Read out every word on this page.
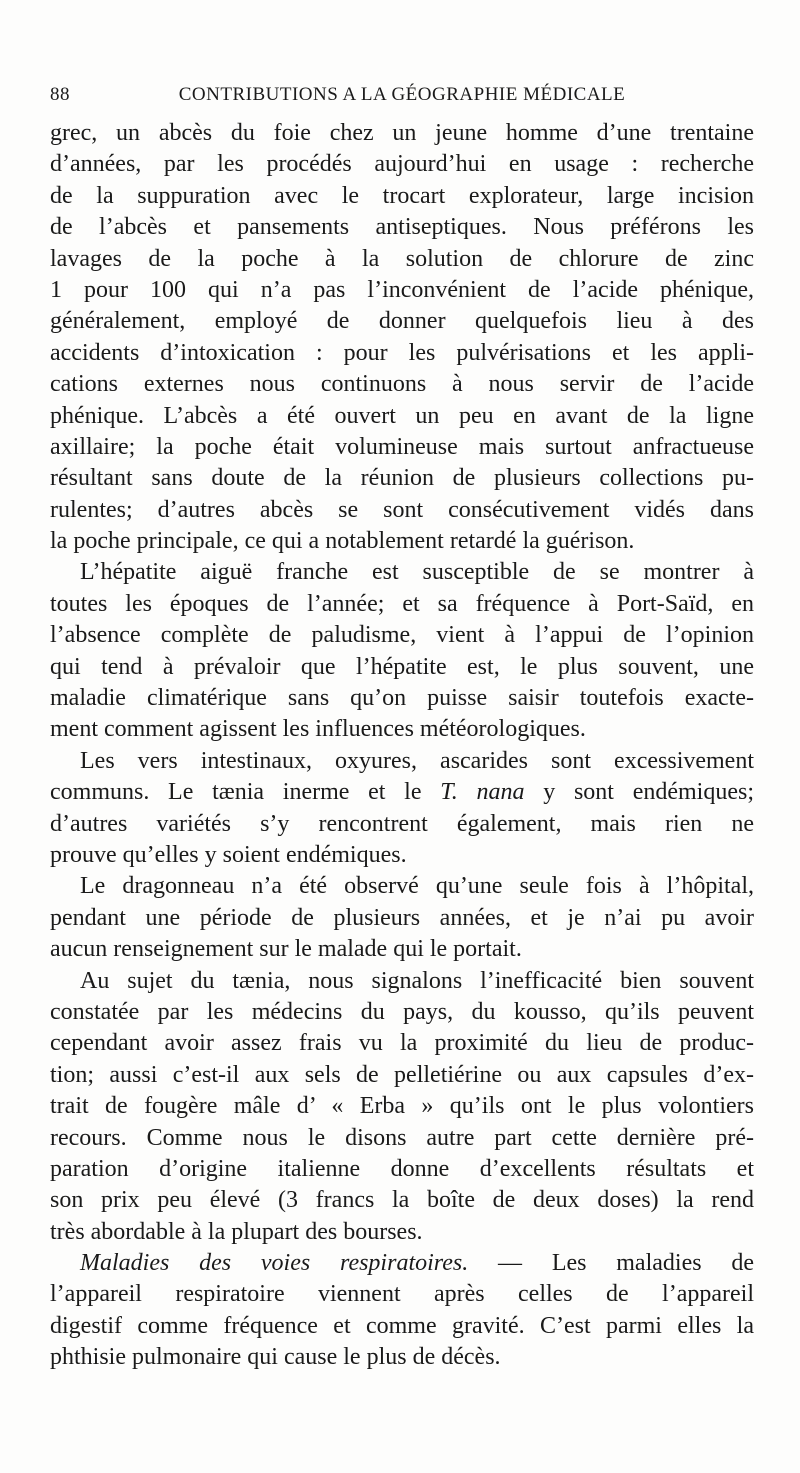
88	CONTRIBUTIONS A LA GÉOGRAPHIE MÉDICALE
grec, un abcès du foie chez un jeune homme d’une trentaine
d’années, par les procédés aujourd’hui en usage : recherche
de la suppuration avec le trocart explorateur, large incision
de l’abcès et pansements antiseptiques. Nous préférons les
lavages de la poche à la solution de chlorure de zinc
1 pour 100 qui n’a pas l’inconvénient de l’acide phénique,
généralement, employé de donner quelquefois lieu à des
accidents d’intoxication : pour les pulvérisations et les appli-
cations externes nous continuons à nous servir de l’acide
phénique. L’abcès a été ouvert un peu en avant de la ligne
axillaire; la poche était volumineuse mais surtout anfractueuse
résultant sans doute de la réunion de plusieurs collections pu-
rulentes; d’autres abcès se sont consécutivement vidés dans
la poche principale, ce qui a notablement retardé la guérison.
L’hépatite aiguë franche est susceptible de se montrer à
toutes les époques de l’année; et sa fréquence à Port-Saïd, en
l’absence complète de paludisme, vient à l’appui de l’opinion
qui tend à prévaloir que l’hépatite est, le plus souvent, une
maladie climatérique sans qu’on puisse saisir toutefois exacte-
ment comment agissent les influences météorologiques.
Les vers intestinaux, oxyures, ascarides sont excessivement
communs. Le tænia inerme et le T. nana y sont endémiques;
d’autres variétés s’y rencontrent également, mais rien ne
prouve qu’elles y soient endémiques.
Le dragonneau n’a été observé qu’une seule fois à l’hôpital,
pendant une période de plusieurs années, et je n’ai pu avoir
aucun renseignement sur le malade qui le portait.
Au sujet du tænia, nous signalons l’inefficacité bien souvent
constatée par les médecins du pays, du kousso, qu’ils peuvent
cependant avoir assez frais vu la proximité du lieu de produc-
tion; aussi c’est-il aux sels de pelletiérine ou aux capsules d’ex-
trait de fougère mâle d’ « Erba » qu’ils ont le plus volontiers
recours. Comme nous le disons autre part cette dernière pré-
paration d’origine italienne donne d’excellents résultats et
son prix peu élevé (3 francs la boîte de deux doses) la rend
très abordable à la plupart des bourses.
Maladies des voies respiratoires. — Les maladies de
l’appareil respiratoire viennent après celles de l’appareil
digestif comme fréquence et comme gravité. C’est parmi elles la
phthisie pulmonaire qui cause le plus de décès.
